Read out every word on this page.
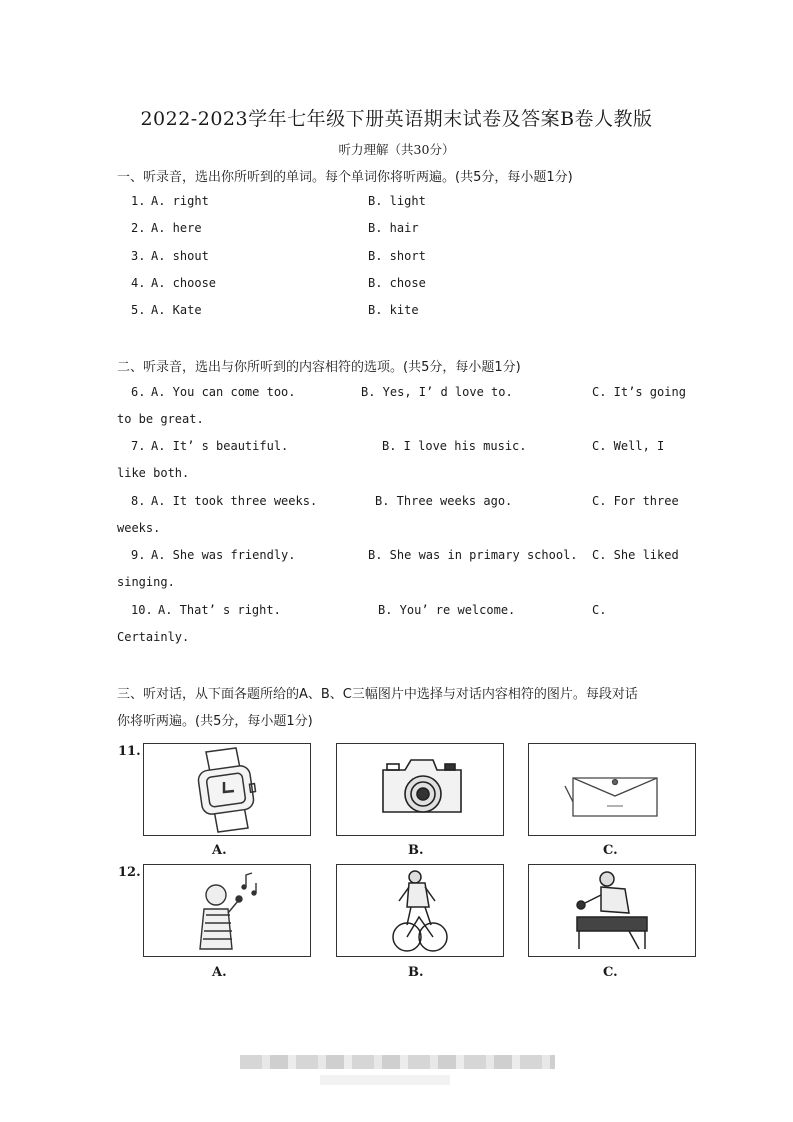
2022-2023学年七年级下册英语期末试卷及答案B卷人教版
听力理解（共30分）
一、听录音，选出你所听到的单词。每个单词你将听两遍。(共5分，每小题1分)
1. A. right	B. light
2. A. here	B. hair
3. A. shout	B. short
4. A. choose	B. chose
5. A. Kate	B. kite
二、听录音，选出与你所听到的内容相符的选项。(共5分，每小题1分)
6. A. You can come too.	B. Yes, I’ d love to.	C. It’s going
to be great.
7. A. It’ s beautiful.	B. I love his music.	C. Well, I
like both.
8. A. It took three weeks.	B. Three weeks ago.	C. For three
weeks.
9. A. She was friendly.	B. She was in primary school. C. She liked
singing.
10. A. That’ s right.	B. You’ re welcome.	C.
Certainly.
三、听对话，从下面各题所给的A、B、C三幅图片中选择与对话内容相符的图片。每段对话
你将听两遍。(共5分，每小题1分)
11.
A.	B.	C.
12.
A.	B.	C.
